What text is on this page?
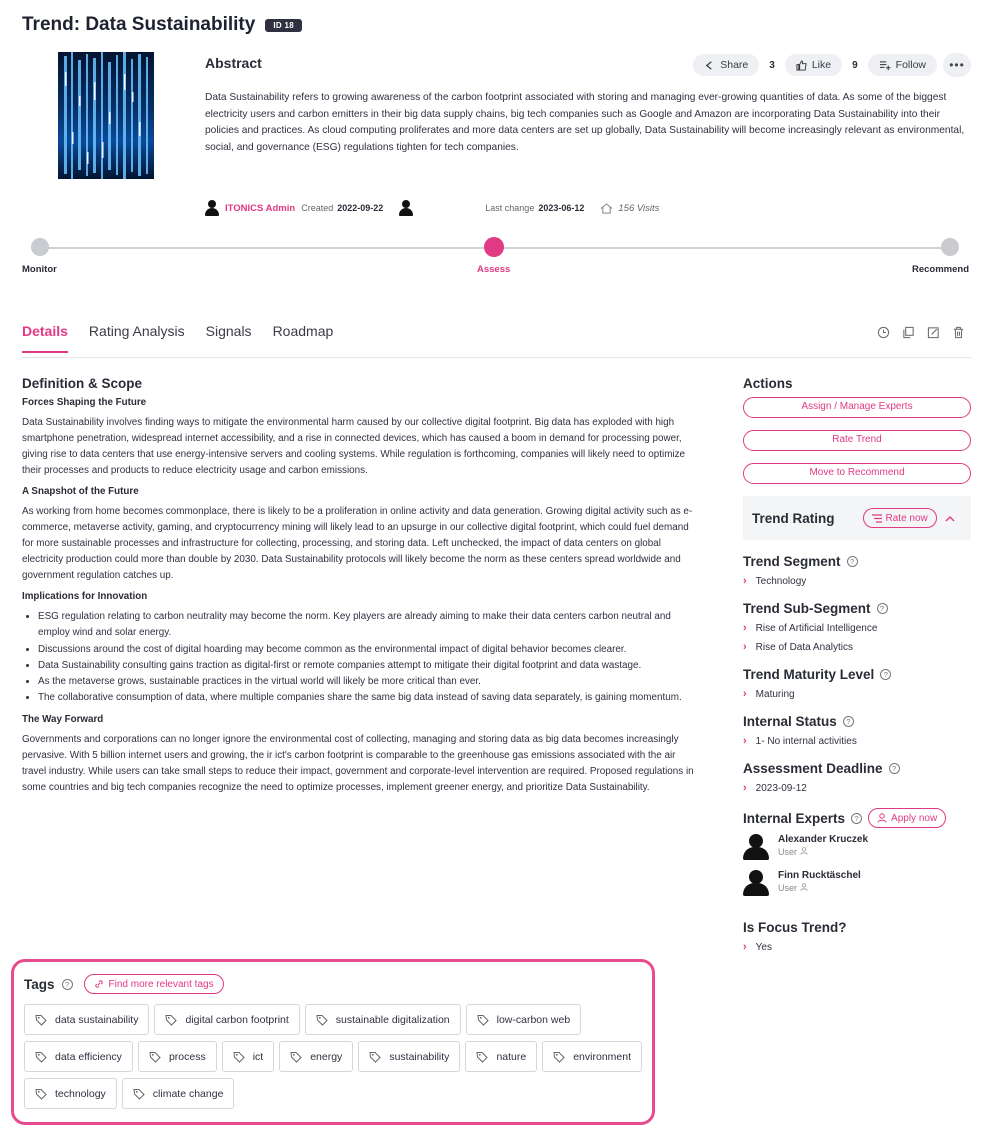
Trend: Data Sustainability	ID 18
Abstract	Share	3	Like	9	Follow	•••

Data Sustainability refers to growing awareness of the carbon footprint associated with storing and managing ever-growing quantities of data. As some of the biggest electricity users and carbon emitters in their big data supply chains, big tech companies such as Google and Amazon are incorporating Data Sustainability into their policies and practices. As cloud computing proliferates and more data centers are set up globally, Data Sustainability will become increasingly relevant as environmental, social, and governance (ESG) regulations tighten for tech companies.

ITONICS Admin Created 2022-09-22	Last change 2023-06-12	156 Visits
Monitor	Assess	Recommend
Details Rating Analysis Signals Roadmap
Definition & Scope
Forces Shaping the Future

Data Sustainability involves finding ways to mitigate the environmental harm caused by our collective digital footprint. Big data has exploded with high smartphone penetration, widespread internet accessibility, and a rise in connected devices, which has caused a boom in demand for processing power, giving rise to data centers that use energy-intensive servers and cooling systems. While regulation is forthcoming, companies will likely need to optimize their processes and products to reduce electricity usage and carbon emissions.

A Snapshot of the Future

As working from home becomes commonplace, there is likely to be a proliferation in online activity and data generation. Growing digital activity such as e-commerce, metaverse activity, gaming, and cryptocurrency mining will likely lead to an upsurge in our collective digital footprint, which could fuel demand for more sustainable processes and infrastructure for collecting, processing, and storing data. Left unchecked, the impact of data centers on global electricity production could more than double by 2030. Data Sustainability protocols will likely become the norm as these centers spread worldwide and government regulation catches up.

Implications for Innovation
• ESG regulation relating to carbon neutrality may become the norm. Key players are already aiming to make their data centers carbon neutral and employ wind and solar energy.
• Discussions around the cost of digital hoarding may become common as the environmental impact of digital behavior becomes clearer.
• Data Sustainability consulting gains traction as digital-first or remote companies attempt to mitigate their digital footprint and data wastage.
• As the metaverse grows, sustainable practices in the virtual world will likely be more critical than ever.
• The collaborative consumption of data, where multiple companies share the same big data instead of saving data separately, is gaining momentum.
The Way Forward

Governments and corporations can no longer ignore the environmental cost of collecting, managing and storing data as big data becomes increasingly pervasive. With 5 billion internet users and growing, the ir ict's carbon footprint is comparable to the greenhouse gas emissions associated with the air travel industry. While users can take small steps to reduce their impact, government and corporate-level intervention are required. Proposed regulations in some countries and big tech companies recognize the need to optimize processes, implement greener energy, and prioritize Data Sustainability.

Actions
Assign / Manage Experts
Rate Trend
Move to Recommend
Trend Rating	Rate now
Trend Segment	?
› Technology
Trend Sub-Segment	?
› Rise of Artificial Intelligence
› Rise of Data Analytics
Trend Maturity Level	?
› Maturing
Internal Status	?
› 1- No internal activities
Assessment Deadline	?
› 2023-09-12
Internal Experts	?	Apply now
Alexander Kruczek
User
Finn Rucktäschel
User
Is Focus Trend?
› Yes
Tags	?	Find more relevant tags
data sustainability	digital carbon footprint	sustainable digitalization	low-carbon web
data efficiency	process	ict	energy	sustainability	nature	environment
technology	climate change
